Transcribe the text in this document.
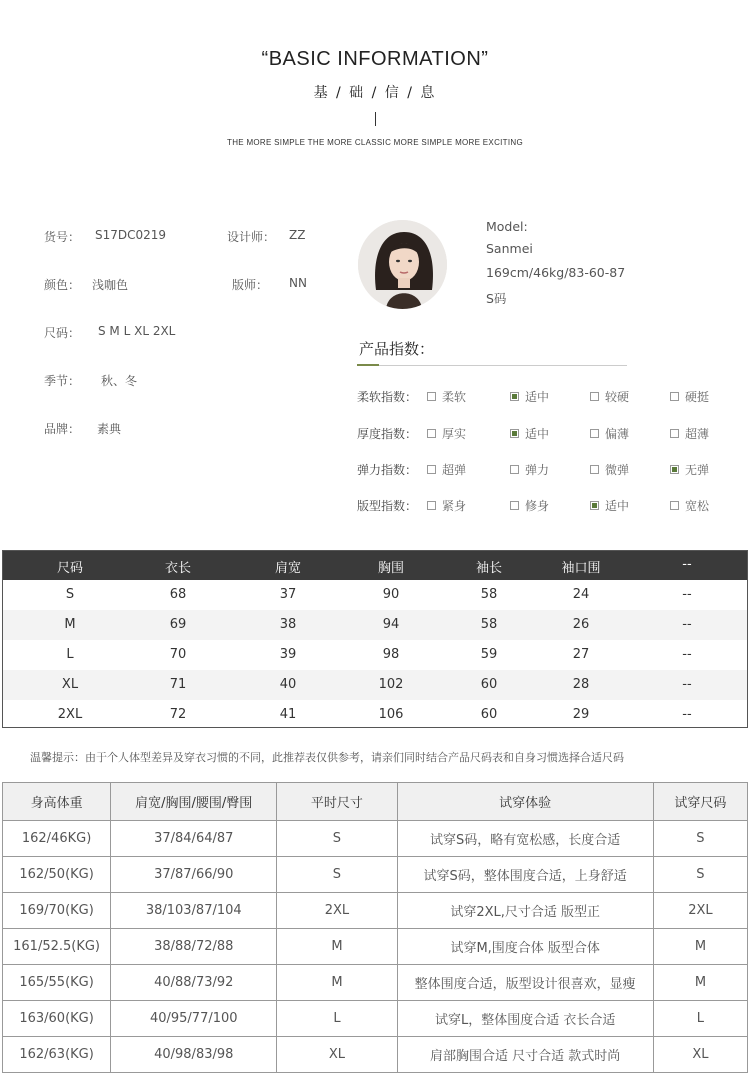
“BASIC INFORMATION”
基 / 础 / 信 / 息
THE MORE SIMPLE THE MORE CLASSIC MORE SIMPLE MORE EXCITING
货号： S17DC0219	设计师： ZZ
颜色： 浅咖色	版师： NN
尺码： S M L XL 2XL
季节： 秋、冬
品牌： 素典
Model:
Sanmei
169cm/46kg/83-60-87
S码
产品指数：
柔软指数： 柔软	适中	较硬	硬挺
厚度指数： 厚实	适中	偏薄	超薄
弹力指数： 超弹	弹力	微弹	无弹
版型指数： 紧身	修身	适中	宽松
尺码	衣长	肩宽	胸围	袖长	袖口围	--
S	68	37	90	58	24	--
M	69	38	94	58	26	--
L	70	39	98	59	27	--
XL	71	40	102	60	28	--
2XL	72	41	106	60	29	--
温馨提示：由于个人体型差异及穿衣习惯的不同，此推荐表仅供参考，请亲们同时结合产品尺码表和自身习惯选择合适尺码
身高体重	肩宽/胸围/腰围/臀围	平时尺寸	试穿体验	试穿尺码
162/46KG)	37/84/64/87	S	试穿S码，略有宽松感，长度合适	S
162/50(KG)	37/87/66/90	S	试穿S码，整体围度合适，上身舒适	S
169/70(KG)	38/103/87/104	2XL	试穿2XL,尺寸合适 版型正	2XL
161/52.5(KG)	38/88/72/88	M	试穿M,围度合体 版型合体	M
165/55(KG)	40/88/73/92	M	整体围度合适，版型设计很喜欢，显瘦	M
163/60(KG)	40/95/77/100	L	试穿L，整体围度合适 衣长合适	L
162/63(KG)	40/98/83/98	XL	肩部胸围合适 尺寸合适 款式时尚	XL
